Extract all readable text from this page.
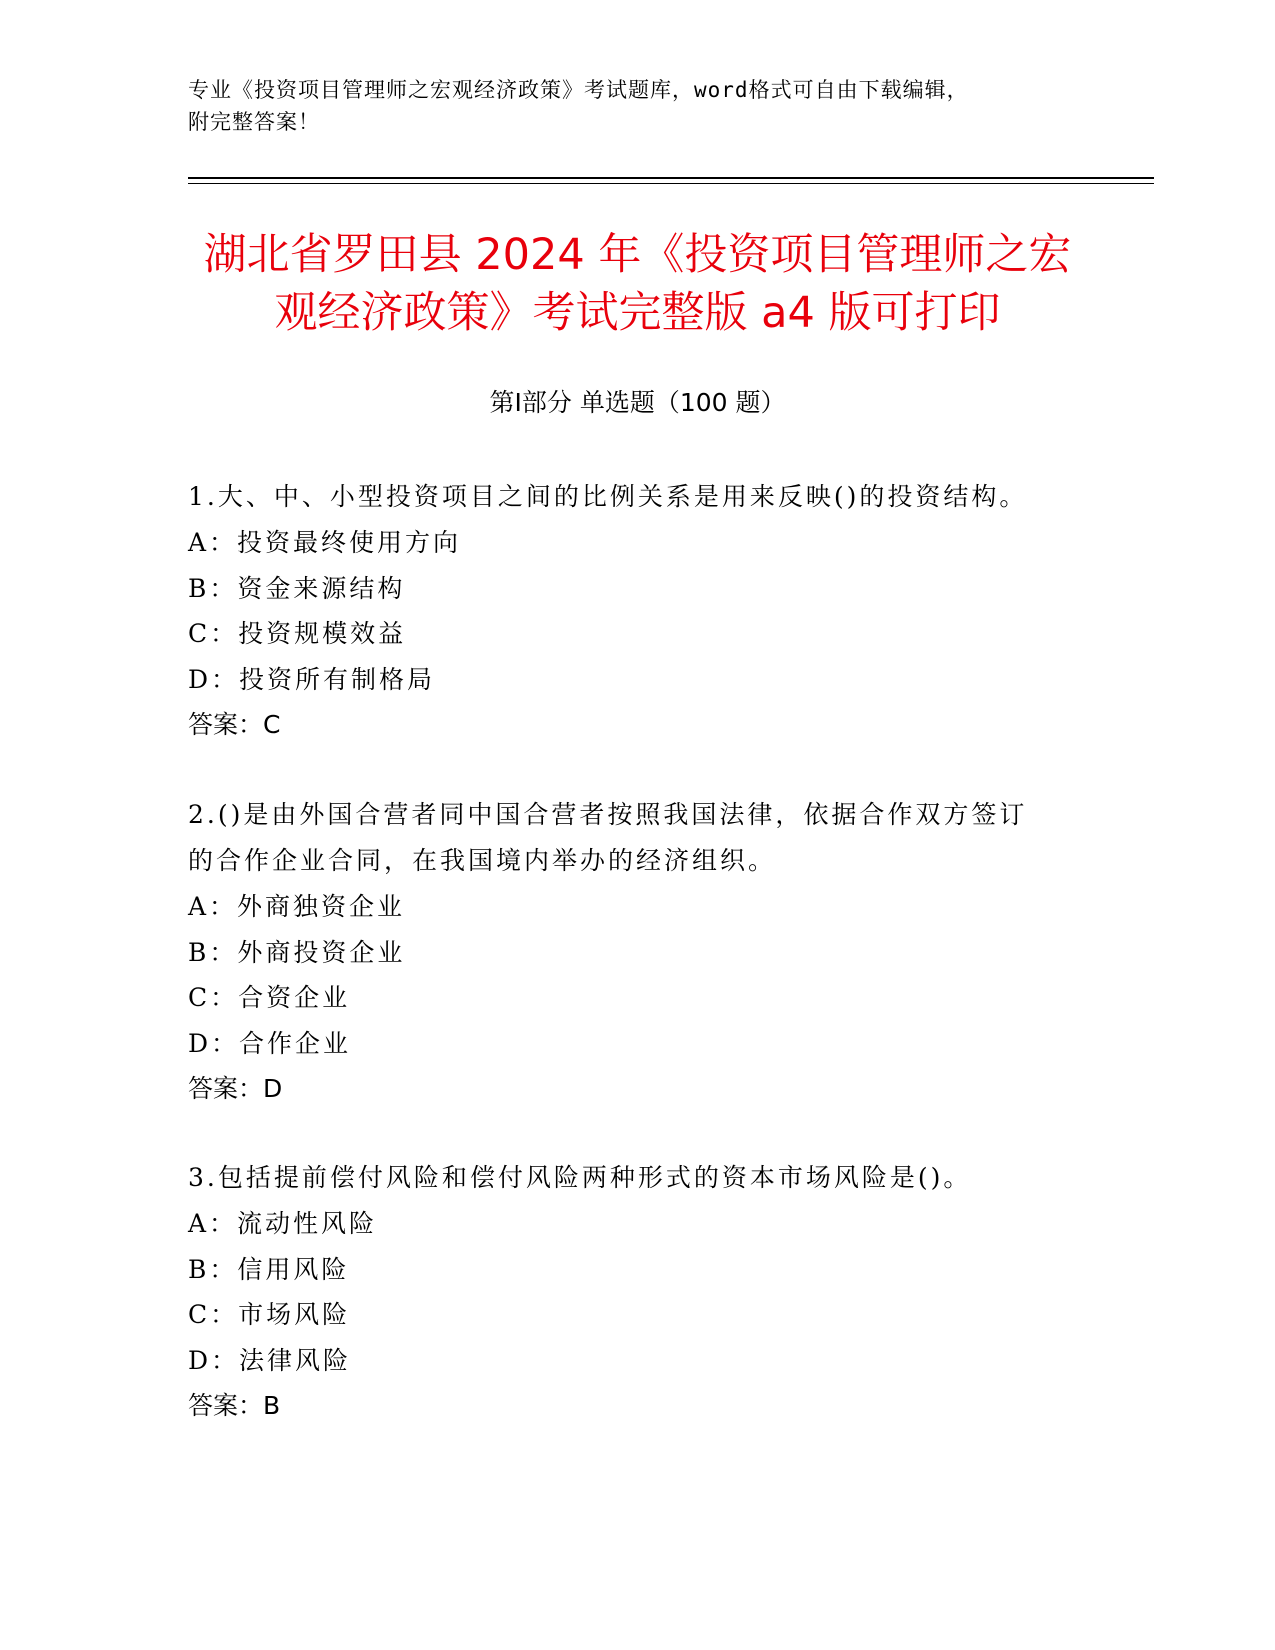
专业《投资项目管理师之宏观经济政策》考试题库，word格式可自由下载编辑，
附完整答案！
湖北省罗田县 2024 年《投资项目管理师之宏
观经济政策》考试完整版 a4 版可打印
第Ⅰ部分 单选题（100 题）
1.大、中、小型投资项目之间的比例关系是用来反映()的投资结构。
A：投资最终使用方向
B：资金来源结构
C：投资规模效益
D：投资所有制格局
答案：C
2.()是由外国合营者同中国合营者按照我国法律，依据合作双方签订
的合作企业合同，在我国境内举办的经济组织。
A：外商独资企业
B：外商投资企业
C：合资企业
D：合作企业
答案：D
3.包括提前偿付风险和偿付风险两种形式的资本市场风险是()。
A：流动性风险
B：信用风险
C：市场风险
D：法律风险
答案：B
